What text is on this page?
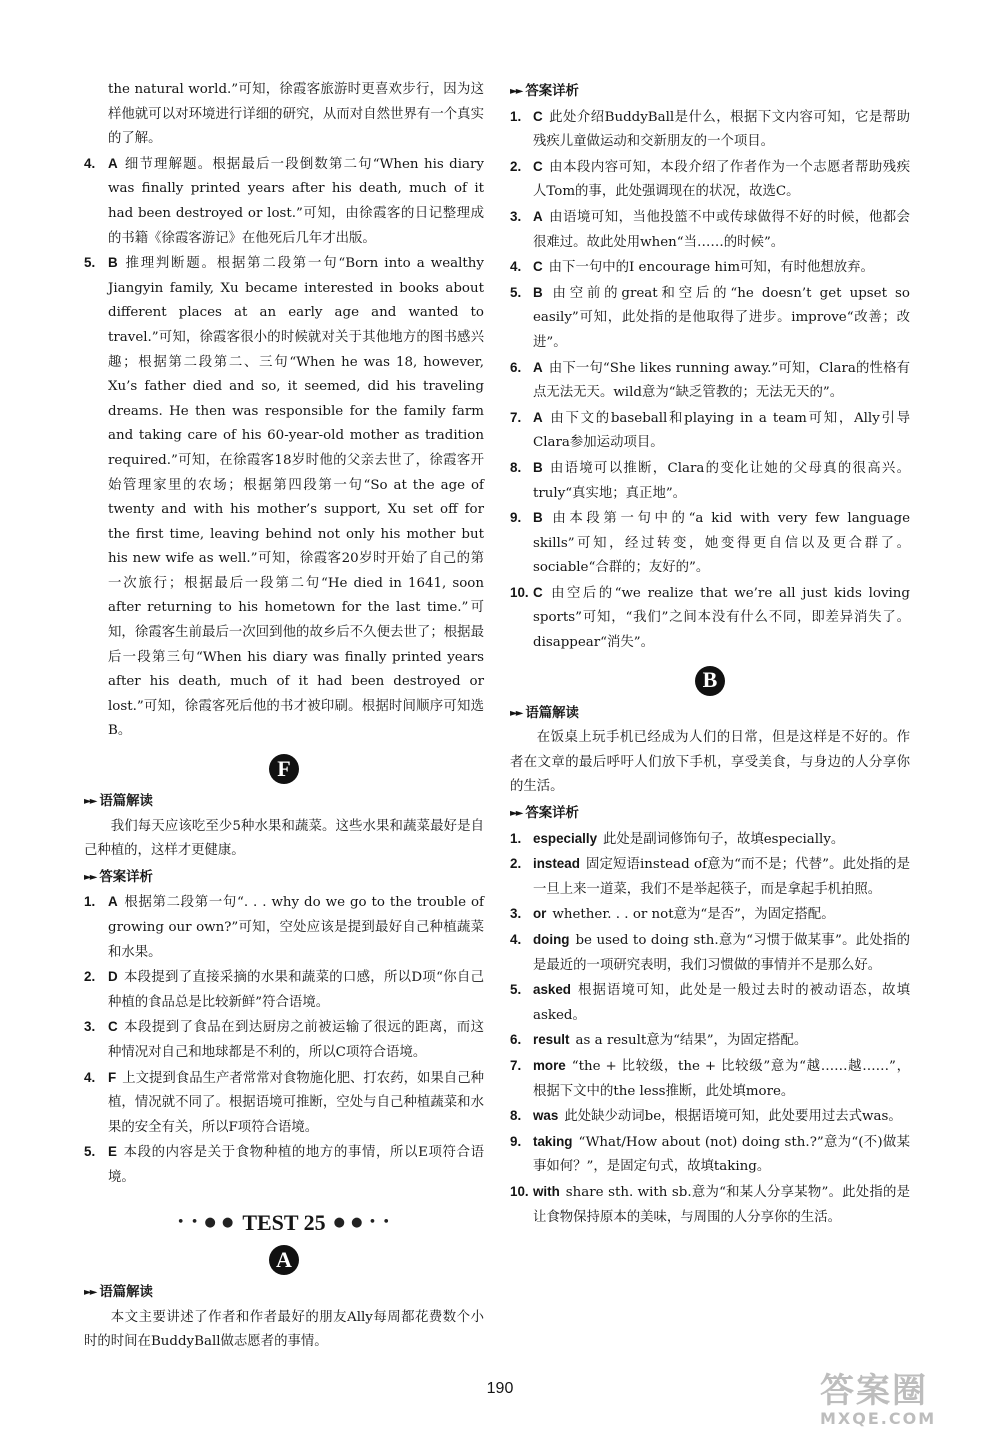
the natural world.”可知，徐霞客旅游时更喜欢步行，因为这样他就可以对环境进行详细的研究，从而对自然世界有一个真实的了解。
4. A 细节理解题。根据最后一段倒数第二句“When his diary was finally printed years after his death, much of it had been destroyed or lost.”可知，由徐霞客的日记整理成的书籍《徐霞客游记》在他死后几年才出版。
5. B 推理判断题。根据第二段第一句“Born into a wealthy Jiangyin family, Xu became interested in books about different places at an early age and wanted to travel.”可知，徐霞客很小的时候就对关于其他地方的图书感兴趣；根据第二段第二、三句“When he was 18, however, Xu’s father died and so, it seemed, did his traveling dreams. He then was responsible for the family farm and taking care of his 60-year-old mother as tradition required.”可知，在徐霞客18岁时他的父亲去世了，徐霞客开始管理家里的农场；根据第四段第一句“So at the age of twenty and with his mother’s support, Xu set off for the first time, leaving behind not only his mother but his new wife as well.”可知，徐霞客20岁时开始了自己的第一次旅行；根据最后一段第二句“He died in 1641, soon after returning to his hometown for the last time.”可知，徐霞客生前最后一次回到他的故乡后不久便去世了；根据最后一段第三句“When his diary was finally printed years after his death, much of it had been destroyed or lost.”可知，徐霞客死后他的书才被印刷。根据时间顺序可知选B。
F
►► 语篇解读
我们每天应该吃至少5种水果和蔬菜。这些水果和蔬菜最好是自己种植的，这样才更健康。
►► 答案详析
1. A 根据第二段第一句“. . . why do we go to the trouble of growing our own?”可知，空处应该是提到最好自己种植蔬菜和水果。
2. D 本段提到了直接采摘的水果和蔬菜的口感，所以D项“你自己种植的食品总是比较新鲜”符合语境。
3. C 本段提到了食品在到达厨房之前被运输了很远的距离，而这种情况对自己和地球都是不利的，所以C项符合语境。
4. F 上文提到食品生产者常常对食物施化肥、打农药，如果自己种植，情况就不同了。根据语境可推断，空处与自己种植蔬菜和水果的安全有关，所以F项符合语境。
5. E 本段的内容是关于食物种植的地方的事情，所以E项符合语境。
• • ● ● TEST 25 ● ● • •
A
►► 语篇解读
本文主要讲述了作者和作者最好的朋友Ally每周都花费数个小时的时间在BuddyBall做志愿者的事情。
►► 答案详析
1. C 此处介绍BuddyBall是什么，根据下文内容可知，它是帮助残疾儿童做运动和交新朋友的一个项目。
2. C 由本段内容可知，本段介绍了作者作为一个志愿者帮助残疾人Tom的事，此处强调现在的状况，故选C。
3. A 由语境可知，当他投篮不中或传球做得不好的时候，他都会很难过。故此处用when“当……的时候”。
4. C 由下一句中的I encourage him可知，有时他想放弃。
5. B 由空前的great和空后的“he doesn’t get upset so easily”可知，此处指的是他取得了进步。improve“改善；改进”。
6. A 由下一句“She likes running away.”可知，Clara的性格有点无法无天。wild意为“缺乏管教的；无法无天的”。
7. A 由下文的baseball和playing in a team可知，Ally引导Clara参加运动项目。
8. B 由语境可以推断，Clara的变化让她的父母真的很高兴。truly“真实地；真正地”。
9. B 由本段第一句中的“a kid with very few language skills”可知，经过转变，她变得更自信以及更合群了。sociable“合群的；友好的”。
10. C 由空后的“we realize that we’re all just kids loving sports”可知，“我们”之间本没有什么不同，即差异消失了。disappear“消失”。
B
►► 语篇解读
在饭桌上玩手机已经成为人们的日常，但是这样是不好的。作者在文章的最后呼吁人们放下手机，享受美食，与身边的人分享你的生活。
►► 答案详析
1. especially 此处是副词修饰句子，故填especially。
2. instead 固定短语instead of意为“而不是；代替”。此处指的是一旦上来一道菜，我们不是举起筷子，而是拿起手机拍照。
3. or whether. . . or not意为“是否”，为固定搭配。
4. doing be used to doing sth.意为“习惯于做某事”。此处指的是最近的一项研究表明，我们习惯做的事情并不是那么好。
5. asked 根据语境可知，此处是一般过去时的被动语态，故填asked。
6. result as a result意为“结果”，为固定搭配。
7. more “the + 比较级，the + 比较级”意为“越……越……”，根据下文中的the less推断，此处填more。
8. was 此处缺少动词be，根据语境可知，此处要用过去式was。
9. taking “What/How about (not) doing sth.?”意为“(不)做某事如何？”，是固定句式，故填taking。
10. with share sth. with sb.意为“和某人分享某物”。此处指的是让食物保持原本的美味，与周围的人分享你的生活。
190	答案圈
MXQE.COM
